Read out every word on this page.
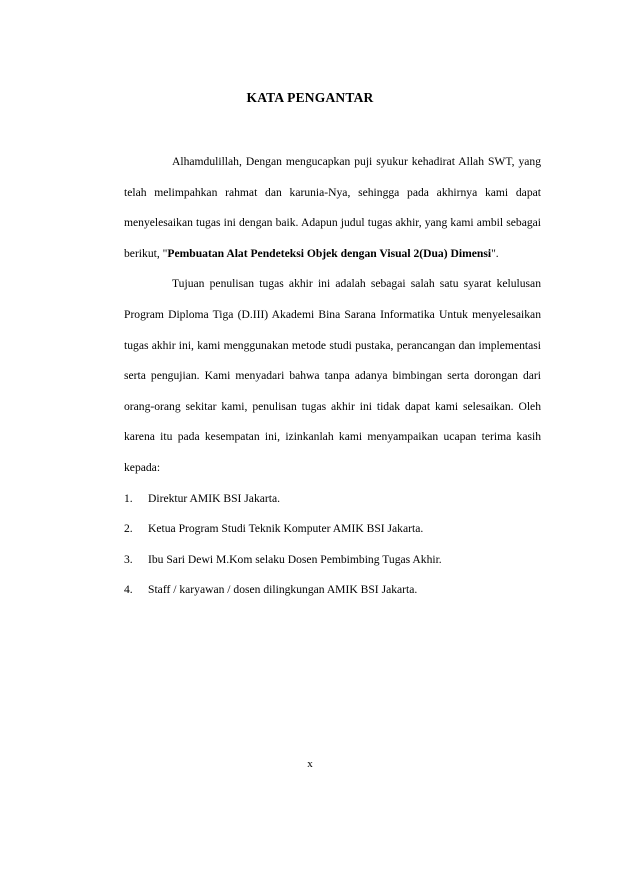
KATA PENGANTAR

Alhamdulillah, Dengan mengucapkan puji syukur kehadirat Allah SWT, yang telah melimpahkan rahmat dan karunia-Nya, sehingga pada akhirnya kami dapat menyelesaikan tugas ini dengan baik. Adapun judul tugas akhir, yang kami ambil sebagai berikut, "Pembuatan Alat Pendeteksi Objek dengan Visual 2(Dua) Dimensi".

Tujuan penulisan tugas akhir ini adalah sebagai salah satu syarat kelulusan Program Diploma Tiga (D.III) Akademi Bina Sarana Informatika Untuk menyelesaikan tugas akhir ini, kami menggunakan metode studi pustaka, perancangan dan implementasi serta pengujian. Kami menyadari bahwa tanpa adanya bimbingan serta dorongan dari orang-orang sekitar kami, penulisan tugas akhir ini tidak dapat kami selesaikan. Oleh karena itu pada kesempatan ini, izinkanlah kami menyampaikan ucapan terima kasih kepada:

1.	Direktur AMIK BSI Jakarta.
2.	Ketua Program Studi Teknik Komputer AMIK BSI Jakarta.
3.	Ibu Sari Dewi M.Kom selaku Dosen Pembimbing Tugas Akhir.
4.	Staff / karyawan / dosen dilingkungan AMIK BSI Jakarta.
x
